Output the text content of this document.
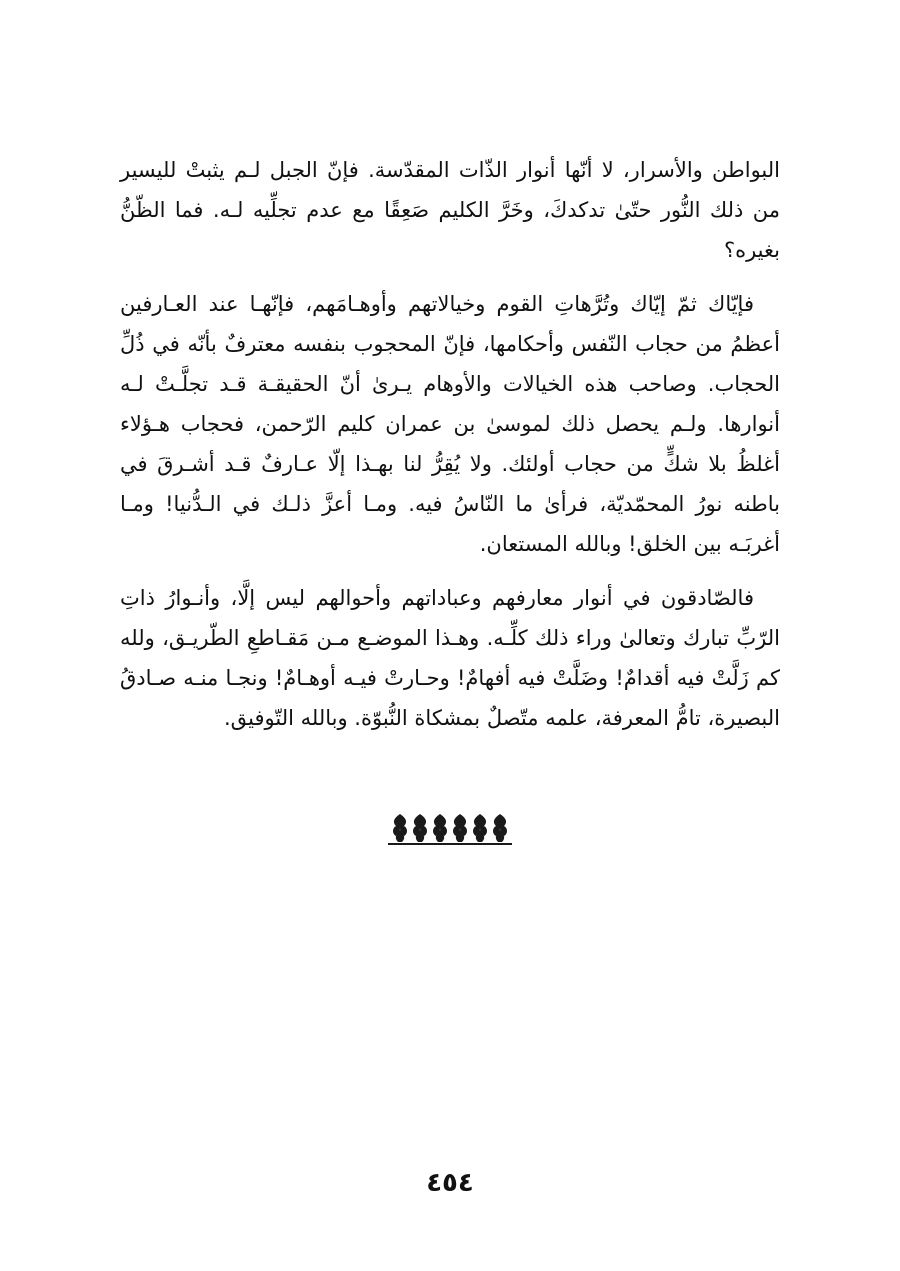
البواطن والأسرار، لا أنّها أنوار الذّات المقدّسة. فإنّ الجبل لـم يثبتْ لليسير من ذلك النُّور حتّىٰ تدكدكَ، وخَرَّ الكليم صَعِقًا مع عدم تجلِّيه لـه. فما الظّنُّ بغيره؟

فإيّاك ثمّ إيّاك وتُرَّهاتِ القوم وخيالاتهم وأوهـامَهم، فإنّهـا عند العـارفين أعظمُ من حجاب النّفس وأحكامها، فإنّ المحجوب بنفسه معترفٌ بأنّه في ذُلِّ الحجاب. وصاحب هذه الخيالات والأوهام يـرىٰ أنّ الحقيقـة قـد تجلَّـتْ لـه أنوارها. ولـم يحصل ذلك لموسىٰ بن عمران كليم الرّحمن، فحجاب هـؤلاء أغلظُ بلا شكٍّ من حجاب أولئك. ولا يُقِرُّ لنا بهـذا إلّا عـارفٌ قـد أشـرقَ في باطنه نورُ المحمّديّة، فرأىٰ ما النّاسُ فيه. ومـا أعزَّ ذلـك في الـدُّنيا! ومـا أغربَـه بين الخلق! وبالله المستعان.

فالصّادقون في أنوار معارفهم وعباداتهم وأحوالهم ليس إلَّا، وأنـوارُ ذاتِ الرّبِّ تبارك وتعالىٰ وراء ذلك كلِّـه. وهـذا الموضـع مـن مَقـاطعِ الطّريـق، ولله كم زَلَّتْ فيه أقدامٌ! وضَلَّتْ فيه أفهامٌ! وحـارتْ فيـه أوهـامٌ! ونجـا منـه صـادقُ البصيرة، تامُّ المعرفة، علمه متّصلٌ بمشكاة النُّبوّة. وبالله التّوفيق.

٤٥٤
